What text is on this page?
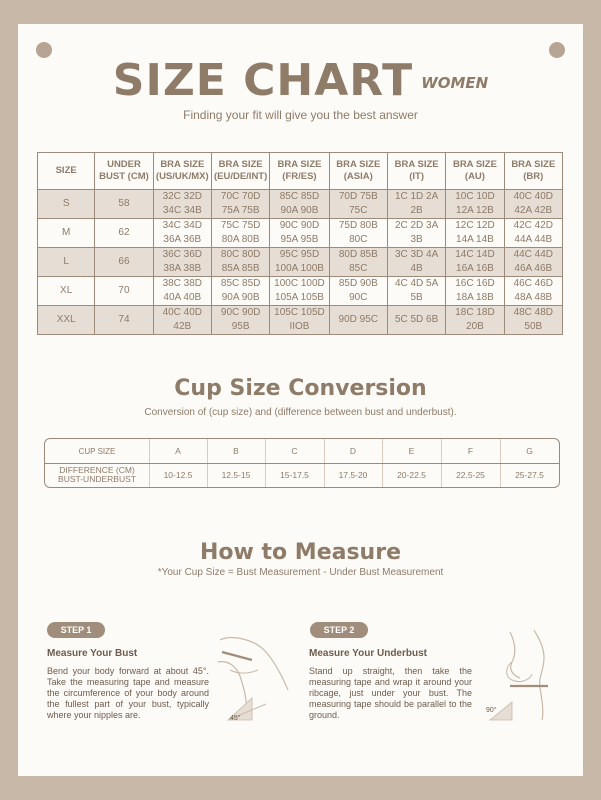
SIZE CHART WOMEN
Finding your fit will give you the best answer
SIZE	UNDER BUST (CM)	BRA SIZE (US/UK/MX)	BRA SIZE (EU/DE/INT)	BRA SIZE (FR/ES)	BRA SIZE (ASIA)	BRA SIZE (IT)	BRA SIZE (AU)	BRA SIZE (BR)
S	58	32C 32D 34C 34B	70C 70D 75A 75B	85C 85D 90A 90B	70D 75B 75C	1C 1D 2A 2B	10C 10D 12A 12B	40C 40D 42A 42B
M	62	34C 34D 36A 36B	75C 75D 80A 80B	90C 90D 95A 95B	75D 80B 80C	2C 2D 3A 3B	12C 12D 14A 14B	42C 42D 44A 44B
L	66	36C 36D 38A 38B	80C 80D 85A 85B	95C 95D 100A 100B	80D 85B 85C	3C 3D 4A 4B	14C 14D 16A 16B	44C 44D 46A 46B
XL	70	38C 38D 40A 40B	85C 85D 90A 90B	100C 100D 105A 105B	85D 90B 90C	4C 4D 5A 5B	16C 16D 18A 18B	46C 46D 48A 48B
XXL	74	40C 40D 42B	90C 90D 95B	105C 105D IIOB	90D 95C	5C 5D 6B	18C 18D 20B	48C 48D 50B
Cup Size Conversion
Conversion of (cup size) and (difference between bust and underbust).
CUP SIZE	A	B	C	D	E	F	G
DIFFERENCE (CM)
BUST-UNDERBUST	10-12.5	12.5-15	15-17.5	17.5-20	20-22.5	22.5-25	25-27.5
How to Measure
*Your Cup Size = Bust Measurement - Under Bust Measurement
STEP 1
Measure Your Bust
Bend your body forward at about 45°. Take the measuring tape and measure the circumference of your body around the fullest part of your bust, typically where your nipples are.	45°
STEP 2
Measure Your Underbust
Stand up straight, then take the measuring tape and wrap it around your ribcage, just under your bust. The measuring tape should be parallel to the ground.	90°
